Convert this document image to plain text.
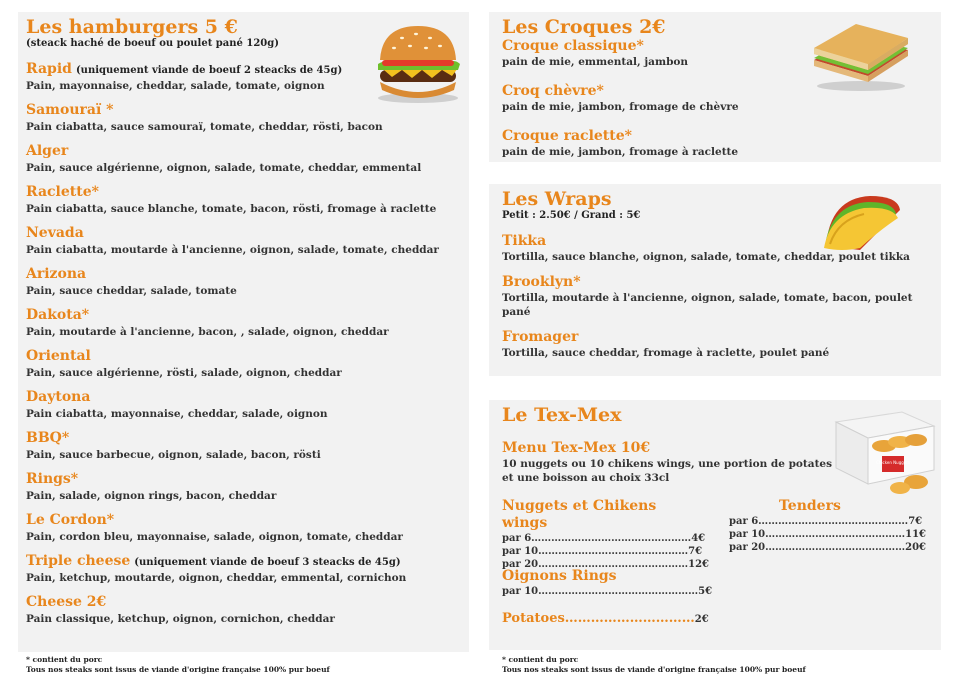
Les hamburgers 5 €
(steack haché de boeuf ou poulet pané 120g)
Rapid (uniquement viande de boeuf 2 steacks de 45g)
Pain, mayonnaise, cheddar, salade, tomate, oignon
Samouraï *
Pain ciabatta, sauce samouraï, tomate, cheddar, rösti, bacon
Alger
Pain, sauce algérienne, oignon, salade, tomate, cheddar, emmental
Raclette*
Pain ciabatta, sauce blanche, tomate, bacon, rösti, fromage à raclette
Nevada
Pain ciabatta, moutarde à l'ancienne, oignon, salade, tomate, cheddar
Arizona
Pain, sauce cheddar, salade, tomate
Dakota*
Pain, moutarde à l'ancienne, bacon, , salade, oignon, cheddar
Oriental
Pain, sauce algérienne, rösti, salade, oignon, cheddar
Daytona
Pain ciabatta, mayonnaise, cheddar, salade, oignon
BBQ*
Pain, sauce barbecue, oignon, salade, bacon, rösti
Rings*
Pain, salade, oignon rings, bacon, cheddar
Le Cordon*
Pain, cordon bleu, mayonnaise, salade, oignon, tomate, cheddar
Triple cheese (uniquement viande de boeuf 3 steacks de 45g)
Pain, ketchup, moutarde, oignon, cheddar, emmental, cornichon
Cheese 2€
Pain classique, ketchup, oignon, cornichon, cheddar
* contient du porc
Tous nos steaks sont issus de viande d'origine française 100% pur boeuf
Les Croques 2€
Croque classique*
pain de mie, emmental, jambon
Croq chèvre*
pain de mie, jambon, fromage de chèvre
Croque raclette*
pain de mie, jambon, fromage à raclette
Les Wraps
Petit : 2.50€ / Grand : 5€
Tikka
Tortilla, sauce blanche, oignon, salade, tomate, cheddar, poulet tikka
Brooklyn*
Tortilla, moutarde à l'ancienne, oignon, salade, tomate, bacon, poulet pané
Fromager
Tortilla, sauce cheddar, fromage à raclette, poulet pané
Le Tex-Mex
Menu Tex-Mex 10€
10 nuggets ou 10 chikens wings, une portion de potates et une boisson au choix 33cl
Nuggets et Chikens wings
par 6…………………………………………4€
par 10………………………………………7€
par 20………………………………………12€
Tenders
par 6………………………………………7€
par 10……………………………………11€
par 20……………………………………20€
Oignons Rings
par 10…………………………………………5€
Potatoes…………………………2€
Chicken Nuggets
* contient du porc
Tous nos steaks sont issus de viande d'origine française 100% pur boeuf
